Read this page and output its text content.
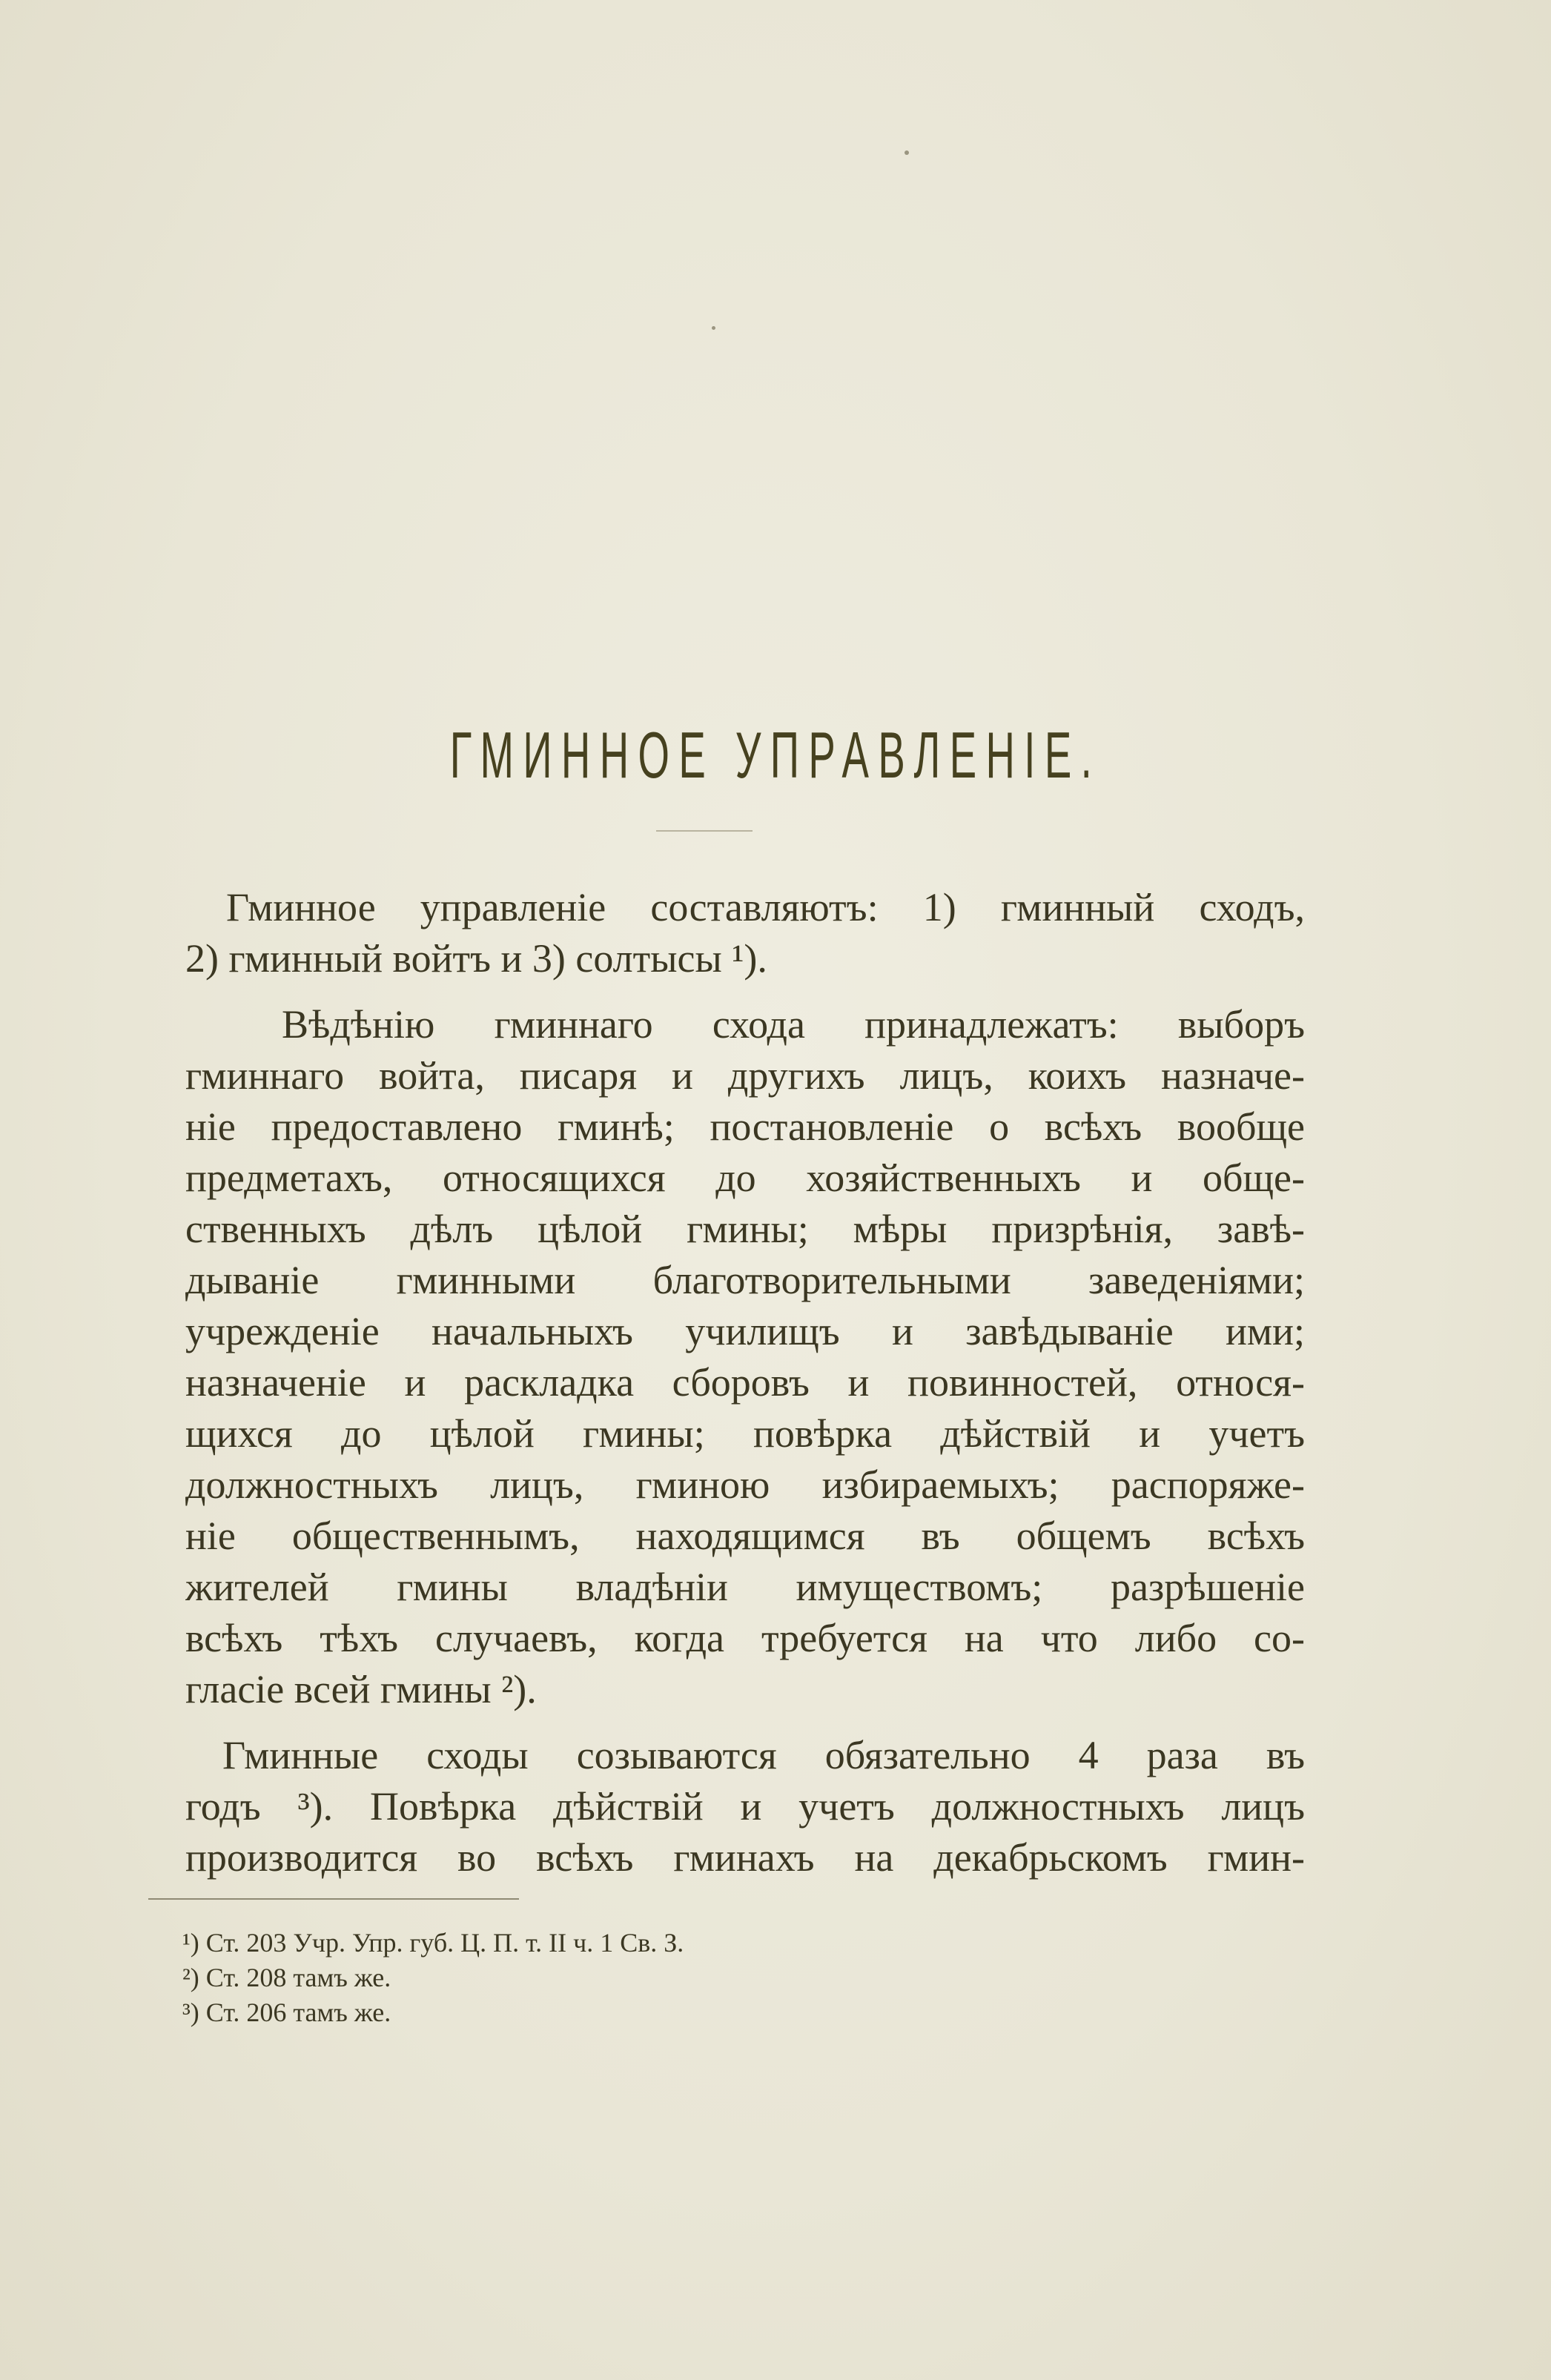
ГМИННОЕ УПРАВЛЕНІЕ.
Гминное управленіе составляютъ: 1) гминный сходъ,
2) гминный войтъ и 3) солтысы ¹).
Вѣдѣнію гминнаго схода принадлежатъ: выборъ
гминнаго войта, писаря и другихъ лицъ, коихъ назначе-
ніе предоставлено гминѣ; постановленіе о всѣхъ вообще
предметахъ, относящихся до хозяйственныхъ и обще-
ственныхъ дѣлъ цѣлой гмины; мѣры призрѣнія, завѣ-
дываніе гминными благотворительными заведеніями;
учрежденіе начальныхъ училищъ и завѣдываніе ими;
назначеніе и раскладка сборовъ и повинностей, относя-
щихся до цѣлой гмины; повѣрка дѣйствій и учетъ
должностныхъ лицъ, гминою избираемыхъ; распоряже-
ніе общественнымъ, находящимся въ общемъ всѣхъ
жителей гмины владѣніи имуществомъ; разрѣшеніе
всѣхъ тѣхъ случаевъ, когда требуется на что либо со-
гласіе всей гмины ²).
Гминные сходы созываются обязательно 4 раза въ
годъ ³). Повѣрка дѣйствій и учетъ должностныхъ лицъ
производится во всѣхъ гминахъ на декабрьскомъ гмин-
¹) Ст. 203 Учр. Упр. губ. Ц. П. т. II ч. 1 Св. З.
²) Ст. 208 тамъ же.
³) Ст. 206 тамъ же.
